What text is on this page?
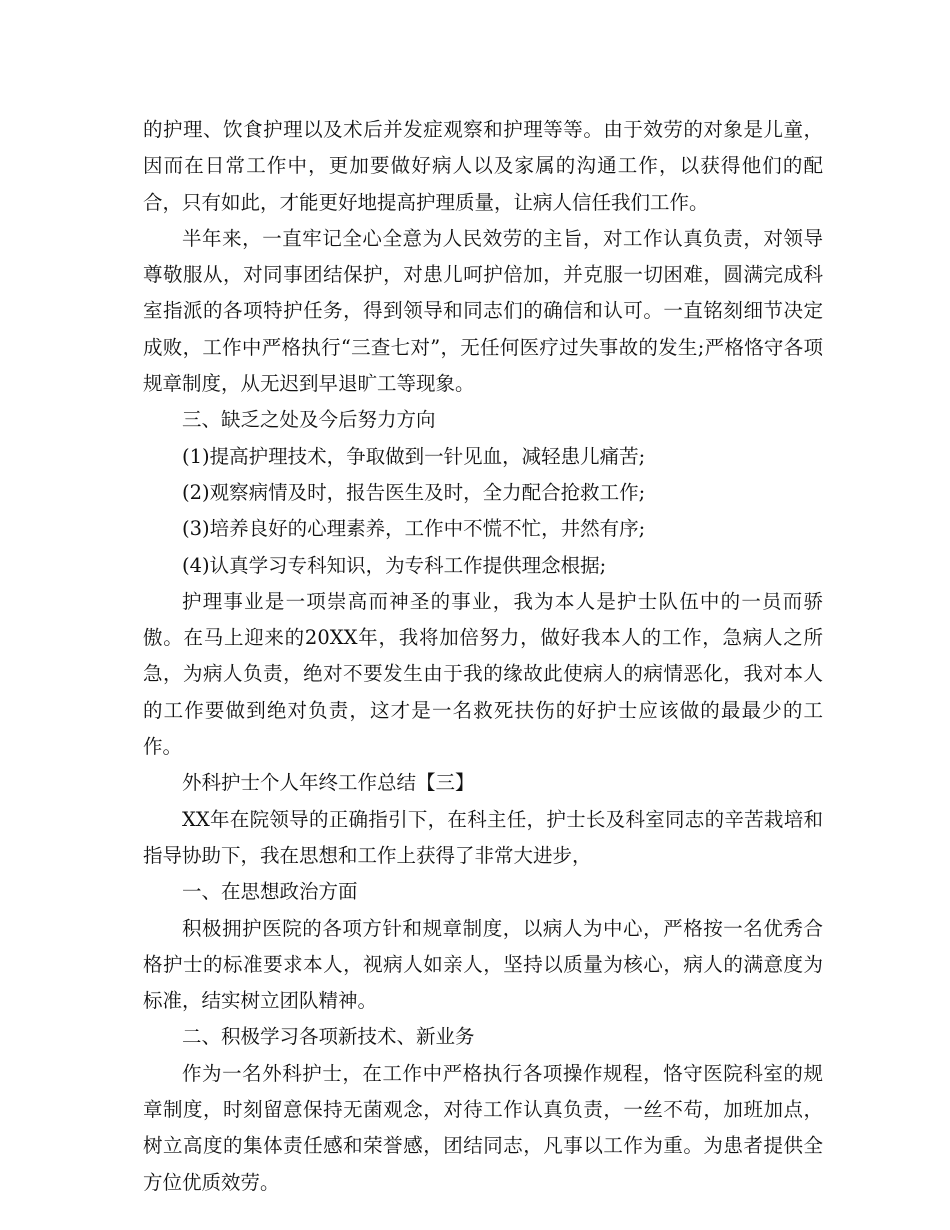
的护理、饮食护理以及术后并发症观察和护理等等。由于效劳的对象是儿童，因而在日常工作中，更加要做好病人以及家属的沟通工作，以获得他们的配合，只有如此，才能更好地提高护理质量，让病人信任我们工作。

半年来，一直牢记全心全意为人民效劳的主旨，对工作认真负责，对领导尊敬服从，对同事团结保护，对患儿呵护倍加，并克服一切困难，圆满完成科室指派的各项特护任务，得到领导和同志们的确信和认可。一直铭刻细节决定成败，工作中严格执行“三查七对”，无任何医疗过失事故的发生;严格恪守各项规章制度，从无迟到早退旷工等现象。

三、缺乏之处及今后努力方向

(1)提高护理技术，争取做到一针见血，减轻患儿痛苦;

(2)观察病情及时，报告医生及时，全力配合抢救工作;

(3)培养良好的心理素养，工作中不慌不忙，井然有序;

(4)认真学习专科知识，为专科工作提供理念根据;

护理事业是一项崇高而神圣的事业，我为本人是护士队伍中的一员而骄傲。在马上迎来的20XX年，我将加倍努力，做好我本人的工作，急病人之所急，为病人负责，绝对不要发生由于我的缘故此使病人的病情恶化，我对本人的工作要做到绝对负责，这才是一名救死扶伤的好护士应该做的最最少的工作。

外科护士个人年终工作总结【三】

XX年在院领导的正确指引下，在科主任，护士长及科室同志的辛苦栽培和指导协助下，我在思想和工作上获得了非常大进步，

一、在思想政治方面

积极拥护医院的各项方针和规章制度，以病人为中心，严格按一名优秀合格护士的标准要求本人，视病人如亲人，坚持以质量为核心，病人的满意度为标准，结实树立团队精神。

二、积极学习各项新技术、新业务

作为一名外科护士，在工作中严格执行各项操作规程，恪守医院科室的规章制度，时刻留意保持无菌观念，对待工作认真负责，一丝不苟，加班加点，树立高度的集体责任感和荣誉感，团结同志，凡事以工作为重。为患者提供全方位优质效劳。
